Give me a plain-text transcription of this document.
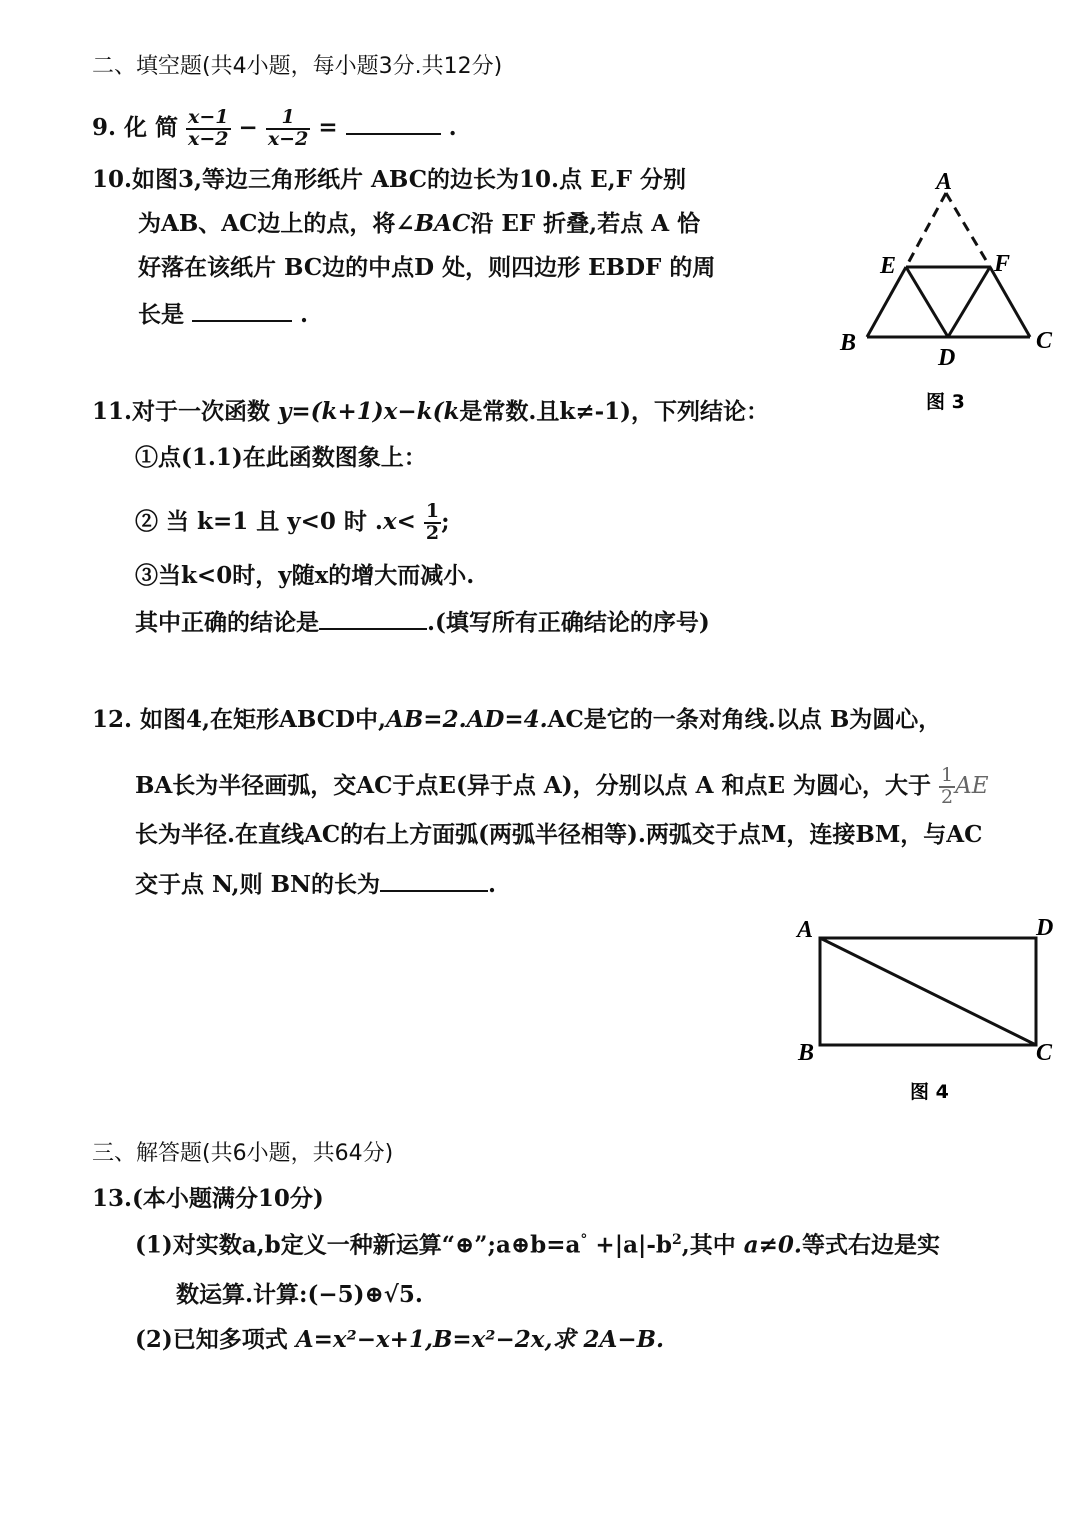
二、填空题(共4小题，每小题3分.共12分)
9. 化 简 $\frac{x-1}{x-2} - \frac{1}{x-2}$ =	.
10.如图3,等边三角形纸片 ABC的边长为10.点 E,F 分别
为AB、AC边上的点，将∠BAC沿 EF 折叠,若点 A 恰
好落在该纸片 BC边的中点D 处，则四边形 EBDF 的周
长是	.
A
E	F
B
D
C
图 3
11.对于一次函数 y=(k+1)x−k(k是常数.且k≠-1)，下列结论：
①点(1.1)在此函数图象上：
② 当 k=1 且 y<0 时 $.x< \frac{1}{2}$ ;
③当k<0时，y随x的增大而减小.
其中正确的结论是	.(填写所有正确结论的序号)
12. 如图4,在矩形ABCD中,AB=2.AD=4.AC是它的一条对角线.以点 B为圆心，
BA长为半径画弧，交AC于点E(异于点 A)，分别以点 A 和点E 为圆心，大于 $\frac{1}{2}$ AE
长为半径.在直线AC的右上方面弧(两弧半径相等).两弧交于点M，连接BM，与AC
交于点 N,则 BN的长为	.
A	D
B	C
图 4
三、解答题(共6小题，共64分)
13.(本小题满分10分)
(1)对实数a,b定义一种新运算“⊕”;a⊕b=a° $+|a|-b^2$,其中 a≠0.等式右边是实
数运算.计算:(−5)⊕√5.
(2)已知多项式 A=x²−x+1,B=x²−2x,求 2A−B.
